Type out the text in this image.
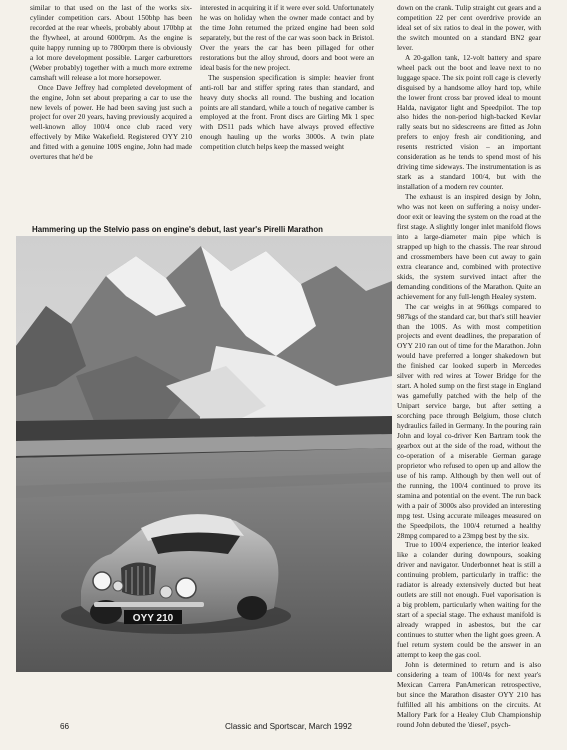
similar to that used on the last of the works six-cylinder competition cars. About 150bhp has been recorded at the rear wheels, probably about 170bhp at the flywheel, at around 6000rpm. As the engine is quite happy running up to 7800rpm there is obviously a lot more development possible. Larger carburettors (Weber probably) together with a much more extreme camshaft will release a lot more horsepower.

Once Dave Jeffrey had completed development of the engine, John set about preparing a car to use the new levels of power. He had been saving just such a project for over 20 years, having previously acquired a well-known alloy 100/4 once club raced very effectively by Mike Wakefield. Registered OYY 210 and fitted with a genuine 100S engine, John had made overtures that he'd be

interested in acquiring it if it were ever sold. Unfortunately he was on holiday when the owner made contact and by the time John returned the prized engine had been sold separately, but the rest of the car was soon back in Bristol. Over the years the car has been pillaged for other restorations but the alloy shroud, doors and boot were an ideal basis for the new project.

The suspension specification is simple: heavier front anti-roll bar and stiffer spring rates than standard, and heavy duty shocks all round. The bushing and location points are all standard, while a touch of negative camber is employed at the front. Front discs are Girling Mk 1 spec with DS11 pads which have always proved effective enough hauling up the works 3000s. A twin plate competition clutch helps keep the massed weight

down on the crank. Tulip straight cut gears and a competition 22 per cent overdrive provide an ideal set of six ratios to deal in the power, with the switch mounted on a standard BN2 gear lever.

A 20-gallon tank, 12-volt battery and spare wheel pack out the boot and leave next to no luggage space. The six point roll cage is cleverly disguised by a handsome alloy hard top, while the lower front cross bar proved ideal to mount Halda, navigator light and Speedpilot. The top also hides the non-period high-backed Kevlar rally seats but no sidescreens are fitted as John prefers to enjoy fresh air conditioning, and resents restricted vision – an important consideration as he tends to spend most of his driving time sideways. The instrumentation is as stark as a standard 100/4, but with the installation of a modern rev counter.

The exhaust is an inspired design by John, who was not keen on suffering a noisy under-door exit or leaving the system on the road at the first stage. A slightly longer inlet manifold flows into a large-diameter main pipe which is strapped up high to the chassis. The rear shroud and crossmembers have been cut away to gain extra clearance and, combined with protective skids, the system survived intact after the demanding conditions of the Marathon. Quite an achievement for any full-length Healey system.

The car weighs in at 960kgs compared to 987kgs of the standard car, but that's still heavier than the 100S. As with most competition projects and event deadlines, the preparation of OYY 210 ran out of time for the Marathon. John would have preferred a longer shakedown but the finished car looked superb in Mercedes silver with red wires at Tower Bridge for the start. A holed sump on the first stage in England was gamefully patched with the help of the Unipart service barge, but after setting a scorching pace through Belgium, those clutch hydraulics failed in Germany. In the pouring rain John and loyal co-driver Ken Bartram took the gearbox out at the side of the road, without the co-operation of a miserable German garage proprietor who refused to open up and allow the use of his ramp. Although by then well out of the running, the 100/4 continued to prove its stamina and potential on the event. The run back with a pair of 3000s also provided an interesting mpg test. Using accurate mileages measured on the Speedpilots, the 100/4 returned a healthy 28mpg compared to a 23mpg best by the six.

True to 100/4 experience, the interior leaked like a colander during downpours, soaking driver and navigator. Underbonnet heat is still a continuing problem, particularly in traffic: the radiator is already extensively ducted but heat outlets are still not enough. Fuel vaporisation is a big problem, particularly when waiting for the start of a special stage. The exhaust manifold is already wrapped in asbestos, but the car continues to stutter when the light goes green. A fuel return system could be the answer in an attempt to keep the gas cool.

John is determined to return and is also considering a team of 100/4s for next year's Mexican Carrera PanAmerican retrospective, but since the Marathon disaster OYY 210 has fulfilled all his ambitions on the circuits. At Mallory Park for a Healey Club Championship round John debuted the 'diesel', psych-

Hammering up the Stelvio pass on engine's debut, last year's Pirelli Marathon
OYY 210
66	Classic and Sportscar, March 1992
